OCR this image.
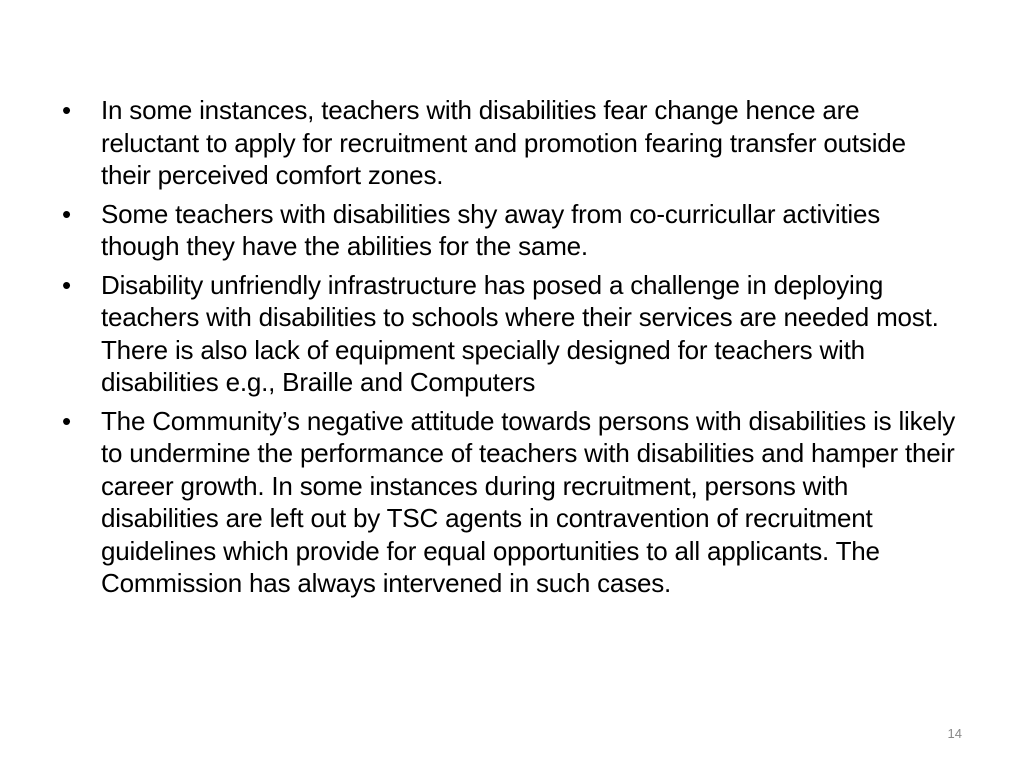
• In some instances, teachers with disabilities fear change hence are reluctant to apply for recruitment and promotion fearing transfer outside their perceived comfort zones.
• Some teachers with disabilities shy away from co-curricullar activities though they have the abilities for the same.
• Disability unfriendly infrastructure has posed a challenge in deploying teachers with disabilities to schools where their services are needed most. There is also lack of equipment specially designed for teachers with disabilities e.g., Braille and Computers
• The Community’s negative attitude towards persons with disabilities is likely to undermine the performance of teachers with disabilities and hamper their career growth. In some instances during recruitment, persons with disabilities are left out by TSC agents in contravention of recruitment guidelines which provide for equal opportunities to all applicants. The Commission has always intervened in such cases.
14
